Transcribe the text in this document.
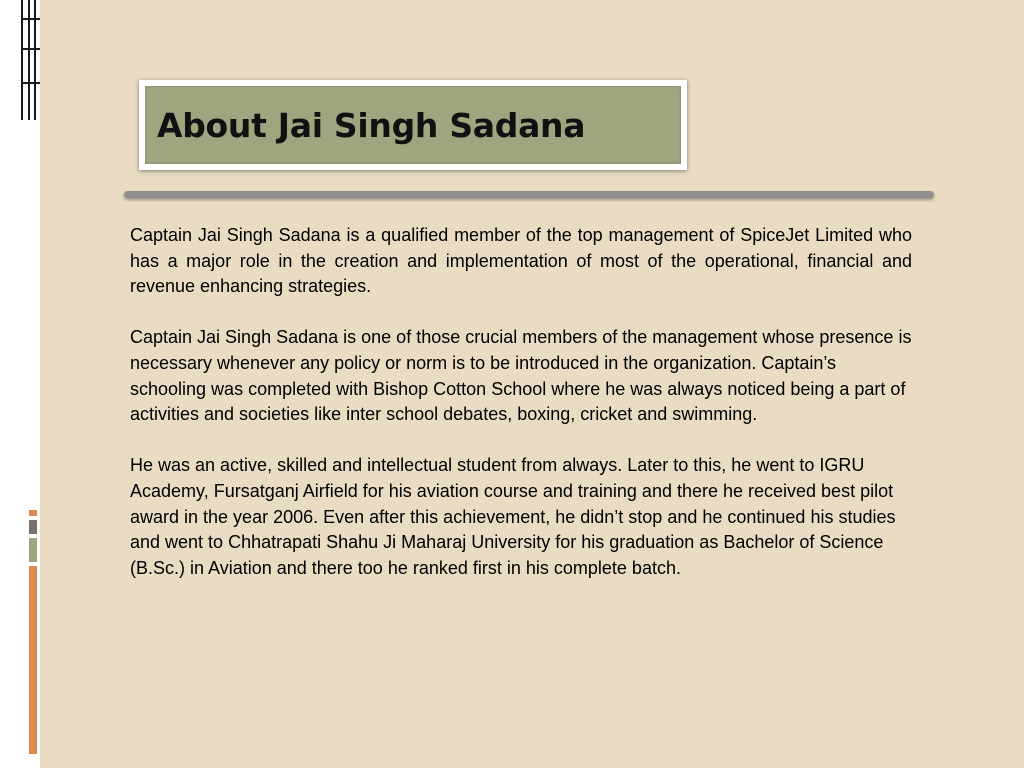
About Jai Singh Sadana

Captain Jai Singh Sadana is a qualified member of the top management of SpiceJet Limited who has a major role in the creation and implementation of most of the operational, financial and revenue enhancing strategies.

Captain Jai Singh Sadana is one of those crucial members of the management whose presence is necessary whenever any policy or norm is to be introduced in the organization. Captain’s schooling was completed with Bishop Cotton School where he was always noticed being a part of activities and societies like inter school debates, boxing, cricket and swimming.

He was an active, skilled and intellectual student from always. Later to this, he went to IGRU Academy, Fursatganj Airfield for his aviation course and training and there he received best pilot award in the year 2006. Even after this achievement, he didn’t stop and he continued his studies and went to Chhatrapati Shahu Ji Maharaj University for his graduation as Bachelor of Science (B.Sc.) in Aviation and there too he ranked first in his complete batch.
